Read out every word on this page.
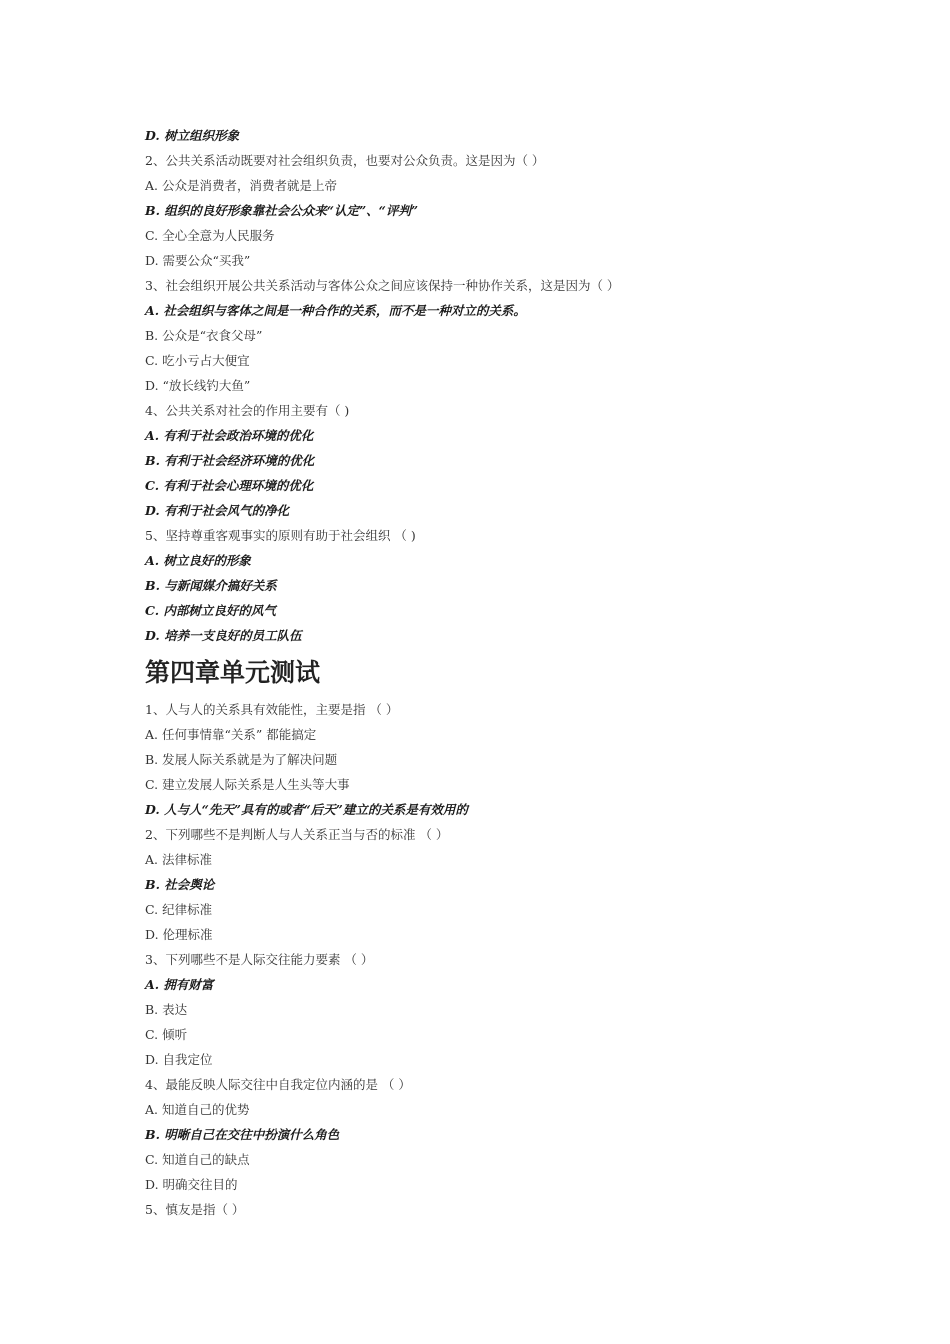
D. 树立组织形象
2、公共关系活动既要对社会组织负责，也要对公众负责。这是因为（ ）
A. 公众是消费者，消费者就是上帝
B. 组织的良好形象靠社会公众来“认定”、“评判”
C. 全心全意为人民服务
D. 需要公众“买我”
3、社会组织开展公共关系活动与客体公众之间应该保持一种协作关系，这是因为（ ）
A. 社会组织与客体之间是一种合作的关系，而不是一种对立的关系。
B. 公众是“衣食父母”
C. 吃小亏占大便宜
D. “放长线钓大鱼”
4、公共关系对社会的作用主要有（ )
A. 有利于社会政治环境的优化
B. 有利于社会经济环境的优化
C. 有利于社会心理环境的优化
D. 有利于社会风气的净化
5、坚持尊重客观事实的原则有助于社会组织 （ )
A. 树立良好的形象
B. 与新闻媒介搞好关系
C. 内部树立良好的风气
D. 培养一支良好的员工队伍
第四章单元测试
1、人与人的关系具有效能性，主要是指 （ ）
A. 任何事情靠“关系” 都能搞定
B. 发展人际关系就是为了解决问题
C. 建立发展人际关系是人生头等大事
D. 人与人“先天”具有的或者“后天”建立的关系是有效用的
2、下列哪些不是判断人与人关系正当与否的标准 （ ）
A. 法律标准
B. 社会舆论
C. 纪律标准
D. 伦理标准
3、下列哪些不是人际交往能力要素 （ ）
A. 拥有财富
B. 表达
C. 倾听
D. 自我定位
4、最能反映人际交往中自我定位内涵的是 （ ）
A. 知道自己的优势
B. 明晰自己在交往中扮演什么角色
C. 知道自己的缺点
D. 明确交往目的
5、慎友是指（ ）
